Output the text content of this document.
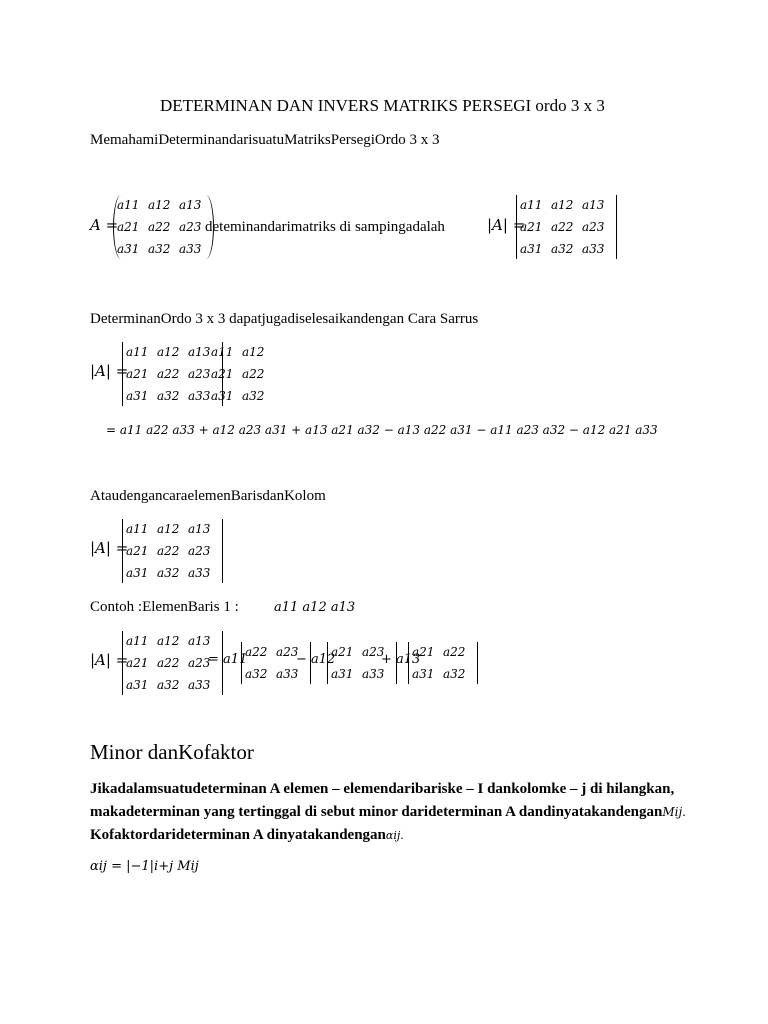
DETERMINAN DAN INVERS MATRIKS PERSEGI ordo 3 x 3
MemahamiDeterminandarisuatuMatriksPersegiOrdo 3 x 3
A =
a11 a12 a13
a21 a22 a23
a31 a32 a33
deteminandarimatriks di sampingadalah	|A| =
a11 a12 a13
a21 a22 a23
a31 a32 a33
DeterminanOrdo 3 x 3 dapatjugadiselesaikandengan Cara Sarrus
|A| =
a11 a12 a13
a21 a22 a23
a31 a32 a33
a11 a12
a21 a22
a31 a32
= a11 a22 a33 + a12 a23 a31 + a13 a21 a32 − a13 a22 a31 − a11 a23 a32 − a12 a21 a33
AtaudengancaraelemenBarisdanKolom
|A| =
a11 a12 a13
a21 a22 a23
a31 a32 a33
Contoh :ElemenBaris 1 :	a11 a12 a13
|A| =
a11 a12 a13
a21 a22 a23
a31 a32 a33
= a11
a22 a23
a32 a33
− a12
a21 a23
a31 a33
+ a13
a21 a22
a31 a32
Minor danKofaktor
Jikadalamsuatudeterminan A elemen – elemendaribariske – I dankolomke – j di hilangkan,
makadeterminan yang tertinggal di sebut minor darideterminan A dandinyatakandenganMij.
Kofaktordarideterminan A dinyatakandenganαij.
αij = |−1|i+j Mij
